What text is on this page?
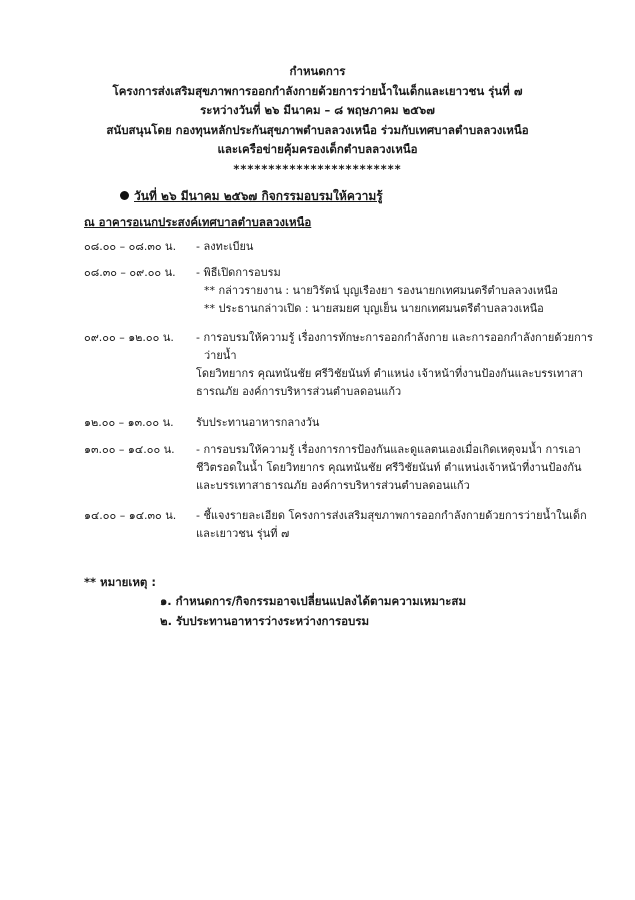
กำหนดการ
โครงการส่งเสริมสุขภาพการออกกำลังกายด้วยการว่ายน้ำในเด็กและเยาวชน รุ่นที่ ๗
ระหว่างวันที่ ๒๖ มีนาคม – ๘ พฤษภาคม ๒๕๖๗
สนับสนุนโดย กองทุนหลักประกันสุขภาพตำบลลวงเหนือ ร่วมกับเทศบาลตำบลลวงเหนือ
และเครือข่ายคุ้มครองเด็กตำบลลวงเหนือ
************************
วันที่ ๒๖ มีนาคม ๒๕๖๗ กิจกรรมอบรมให้ความรู้
ณ อาคารอเนกประสงค์เทศบาลตำบลลวงเหนือ
๐๘.๐๐ – ๐๘.๓๐ น. - ลงทะเบียน
๐๘.๓๐ – ๐๙.๐๐ น. - พิธีเปิดการอบรม
** กล่าวรายงาน : นายวิรัตน์ บุญเรืองยา รองนายกเทศมนตรีตำบลลวงเหนือ
** ประธานกล่าวเปิด : นายสมยศ บุญเย็น นายกเทศมนตรีตำบลลวงเหนือ
๐๙.๐๐ – ๑๒.๐๐ น. - การอบรมให้ความรู้ เรื่องการทักษะการออกกำลังกาย และการออกกำลังกายด้วยการ
ว่ายน้ำ
โดยวิทยากร คุณทนันชัย ศรีวิชัยนันท์ ตำแหน่ง เจ้าหน้าที่งานป้องกันและบรรเทาสา
ธารณภัย องค์การบริหารส่วนตำบลดอนแก้ว
๑๒.๐๐ – ๑๓.๐๐ น. รับประทานอาหารกลางวัน
๑๓.๐๐ – ๑๔.๐๐ น. - การอบรมให้ความรู้ เรื่องการการป้องกันและดูแลตนเองเมื่อเกิดเหตุจมน้ำ การเอา
ชีวิตรอดในน้ำ โดยวิทยากร คุณทนันชัย ศรีวิชัยนันท์ ตำแหน่งเจ้าหน้าที่งานป้องกัน
และบรรเทาสาธารณภัย องค์การบริหารส่วนตำบลดอนแก้ว
๑๔.๐๐ – ๑๔.๓๐ น. - ชี้แจงรายละเอียด โครงการส่งเสริมสุขภาพการออกกำลังกายด้วยการว่ายน้ำในเด็ก
และเยาวชน รุ่นที่ ๗
** หมายเหตุ :
๑. กำหนดการ/กิจกรรมอาจเปลี่ยนแปลงได้ตามความเหมาะสม
๒. รับประทานอาหารว่างระหว่างการอบรม
